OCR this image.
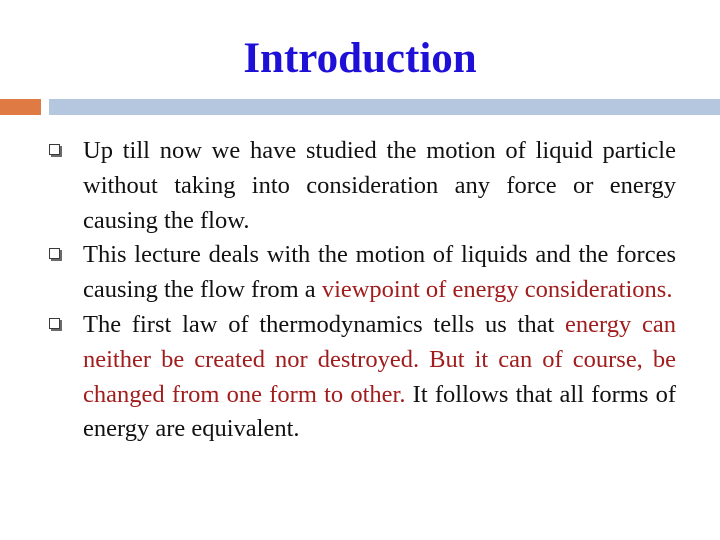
Introduction
Up till now we have studied the motion of liquid particle without taking into consideration any force or energy causing the flow.
This lecture deals with the motion of liquids and the forces causing the flow from a viewpoint of energy considerations.
The first law of thermodynamics tells us that energy can neither be created nor destroyed. But it can of course, be changed from one form to other. It follows that all forms of energy are equivalent.
